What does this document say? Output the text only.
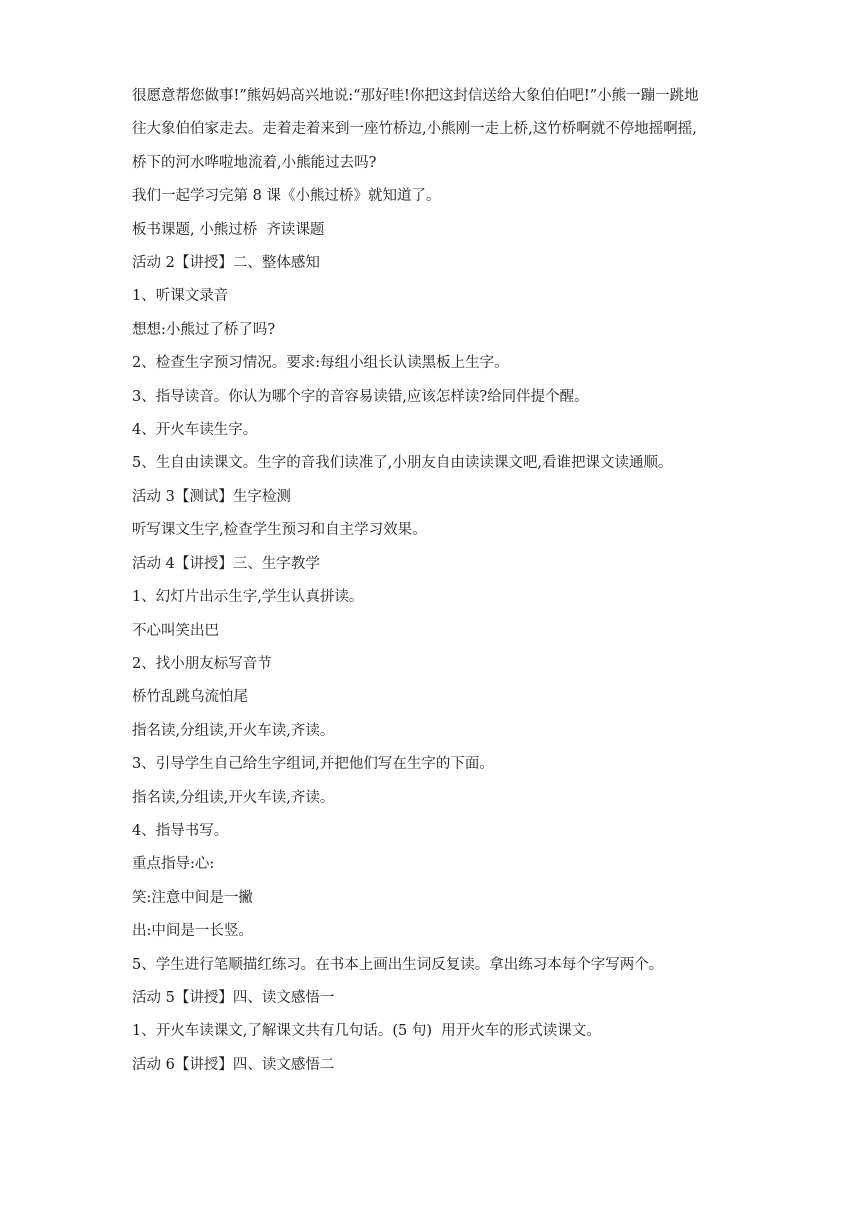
很愿意帮您做事!”熊妈妈高兴地说:“那好哇!你把这封信送给大象伯伯吧!”小熊一蹦一跳地

往大象伯伯家走去。走着走着来到一座竹桥边,小熊刚一走上桥,这竹桥啊就不停地摇啊摇,

桥下的河水哗啦地流着,小熊能过去吗?

我们一起学习完第 8 课《小熊过桥》就知道了。

板书课题, 小熊过桥  齐读课题

活动 2【讲授】二、整体感知

1、听课文录音

想想:小熊过了桥了吗?

2、检查生字预习情况。要求:每组小组长认读黑板上生字。

3、指导读音。你认为哪个字的音容易读错,应该怎样读?给同伴提个醒。

4、开火车读生字。

5、生自由读课文。生字的音我们读准了,小朋友自由读读课文吧,看谁把课文读通顺。

活动 3【测试】生字检测

听写课文生字,检查学生预习和自主学习效果。

活动 4【讲授】三、生字教学

1、幻灯片出示生字,学生认真拼读。

不心叫笑出巴

2、找小朋友标写音节

桥竹乱跳乌流怕尾

指名读,分组读,开火车读,齐读。

3、引导学生自己给生字组词,并把他们写在生字的下面。

指名读,分组读,开火车读,齐读。

4、指导书写。

重点指导:心:

笑:注意中间是一撇

出:中间是一长竖。

5、学生进行笔顺描红练习。在书本上画出生词反复读。拿出练习本每个字写两个。

活动 5【讲授】四、读文感悟一

1、开火车读课文,了解课文共有几句话。(5 句)  用开火车的形式读课文。

活动 6【讲授】四、读文感悟二
